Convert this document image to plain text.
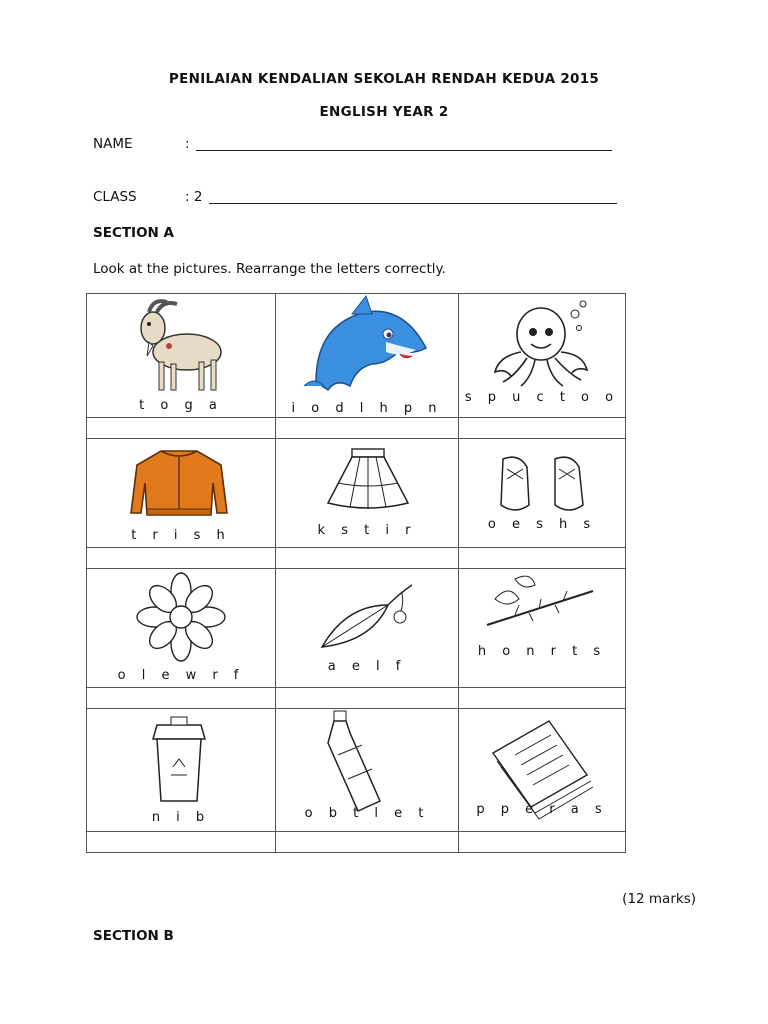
PENILAIAN KENDALIAN SEKOLAH RENDAH KEDUA 2015
ENGLISH YEAR 2
NAME	:
CLASS	: 2
SECTION A
Look at the pictures. Rearrange the letters correctly.
t o g a	i o d l h p n	s p u c t o o

t r i s h	k s t i r	o e s h s

o l e w r f	a e l f	h o n r t s

n i b	o b t l e t	p p e r a s

(12 marks)
SECTION B
